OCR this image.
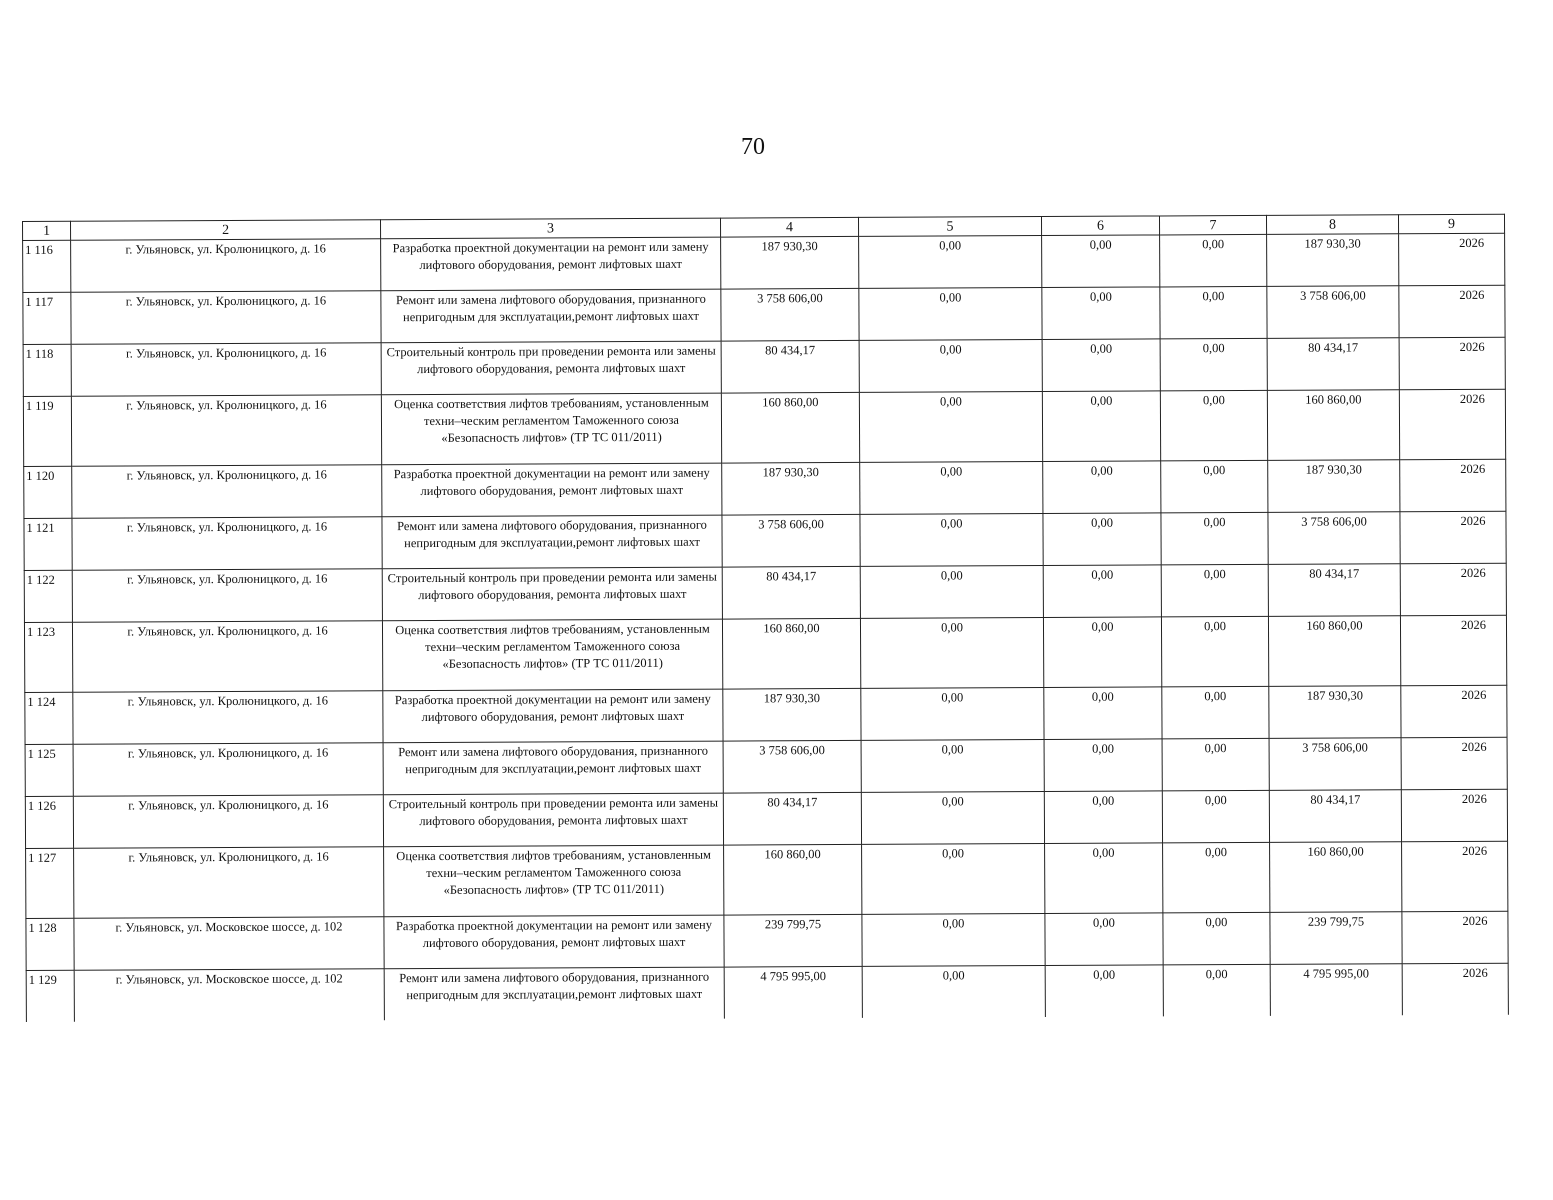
70
1	2	3	4	5	6	7	8	9
1 116	г. Ульяновск, ул. Кролюницкого, д. 16	Разработка проектной документации на ремонт или замену лифтового оборудования, ремонт лифтовых шахт	187 930,30	0,00	0,00	0,00	187 930,30	2026
1 117	г. Ульяновск, ул. Кролюницкого, д. 16	Ремонт или замена лифтового оборудования, признанного непригодным для эксплуатации,ремонт лифтовых шахт	3 758 606,00	0,00	0,00	0,00	3 758 606,00	2026
1 118	г. Ульяновск, ул. Кролюницкого, д. 16	Строительный контроль при проведении ремонта или замены лифтового оборудования, ремонта лифтовых шахт	80 434,17	0,00	0,00	0,00	80 434,17	2026
1 119	г. Ульяновск, ул. Кролюницкого, д. 16	Оценка соответствия лифтов требованиям, установленным техни–ческим регламентом Таможенного союза «Безопасность лифтов» (ТР ТС 011/2011)	160 860,00	0,00	0,00	0,00	160 860,00	2026
1 120	г. Ульяновск, ул. Кролюницкого, д. 16	Разработка проектной документации на ремонт или замену лифтового оборудования, ремонт лифтовых шахт	187 930,30	0,00	0,00	0,00	187 930,30	2026
1 121	г. Ульяновск, ул. Кролюницкого, д. 16	Ремонт или замена лифтового оборудования, признанного непригодным для эксплуатации,ремонт лифтовых шахт	3 758 606,00	0,00	0,00	0,00	3 758 606,00	2026
1 122	г. Ульяновск, ул. Кролюницкого, д. 16	Строительный контроль при проведении ремонта или замены лифтового оборудования, ремонта лифтовых шахт	80 434,17	0,00	0,00	0,00	80 434,17	2026
1 123	г. Ульяновск, ул. Кролюницкого, д. 16	Оценка соответствия лифтов требованиям, установленным техни–ческим регламентом Таможенного союза «Безопасность лифтов» (ТР ТС 011/2011)	160 860,00	0,00	0,00	0,00	160 860,00	2026
1 124	г. Ульяновск, ул. Кролюницкого, д. 16	Разработка проектной документации на ремонт или замену лифтового оборудования, ремонт лифтовых шахт	187 930,30	0,00	0,00	0,00	187 930,30	2026
1 125	г. Ульяновск, ул. Кролюницкого, д. 16	Ремонт или замена лифтового оборудования, признанного непригодным для эксплуатации,ремонт лифтовых шахт	3 758 606,00	0,00	0,00	0,00	3 758 606,00	2026
1 126	г. Ульяновск, ул. Кролюницкого, д. 16	Строительный контроль при проведении ремонта или замены лифтового оборудования, ремонта лифтовых шахт	80 434,17	0,00	0,00	0,00	80 434,17	2026
1 127	г. Ульяновск, ул. Кролюницкого, д. 16	Оценка соответствия лифтов требованиям, установленным техни–ческим регламентом Таможенного союза «Безопасность лифтов» (ТР ТС 011/2011)	160 860,00	0,00	0,00	0,00	160 860,00	2026
1 128	г. Ульяновск, ул. Московское шоссе, д. 102	Разработка проектной документации на ремонт или замену лифтового оборудования, ремонт лифтовых шахт	239 799,75	0,00	0,00	0,00	239 799,75	2026
1 129	г. Ульяновск, ул. Московское шоссе, д. 102	Ремонт или замена лифтового оборудования, признанного непригодным для эксплуатации,ремонт лифтовых шахт	4 795 995,00	0,00	0,00	0,00	4 795 995,00	2026
